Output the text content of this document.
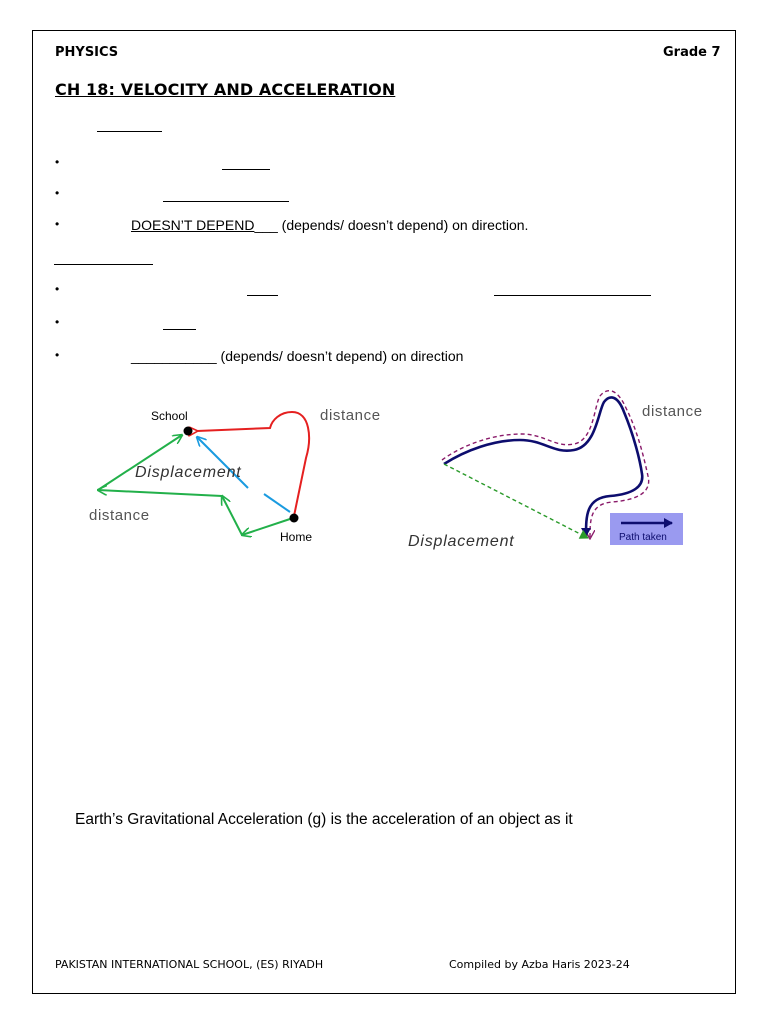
PHYSICS	Grade 7
CH 18: VELOCITY AND ACCELERATION
•
•
•	DOESN’T DEPEND___ (depends/ doesn’t depend) on direction.
•
•
•	___________ (depends/ doesn’t depend) on direction
School
Home
distance
distance
Displacement
distance
Displacement	Path taken
Earth’s Gravitational Acceleration (g) is the acceleration of an object as it
PAKISTAN INTERNATIONAL SCHOOL, (ES) RIYADH	Compiled by Azba Haris 2023-24
